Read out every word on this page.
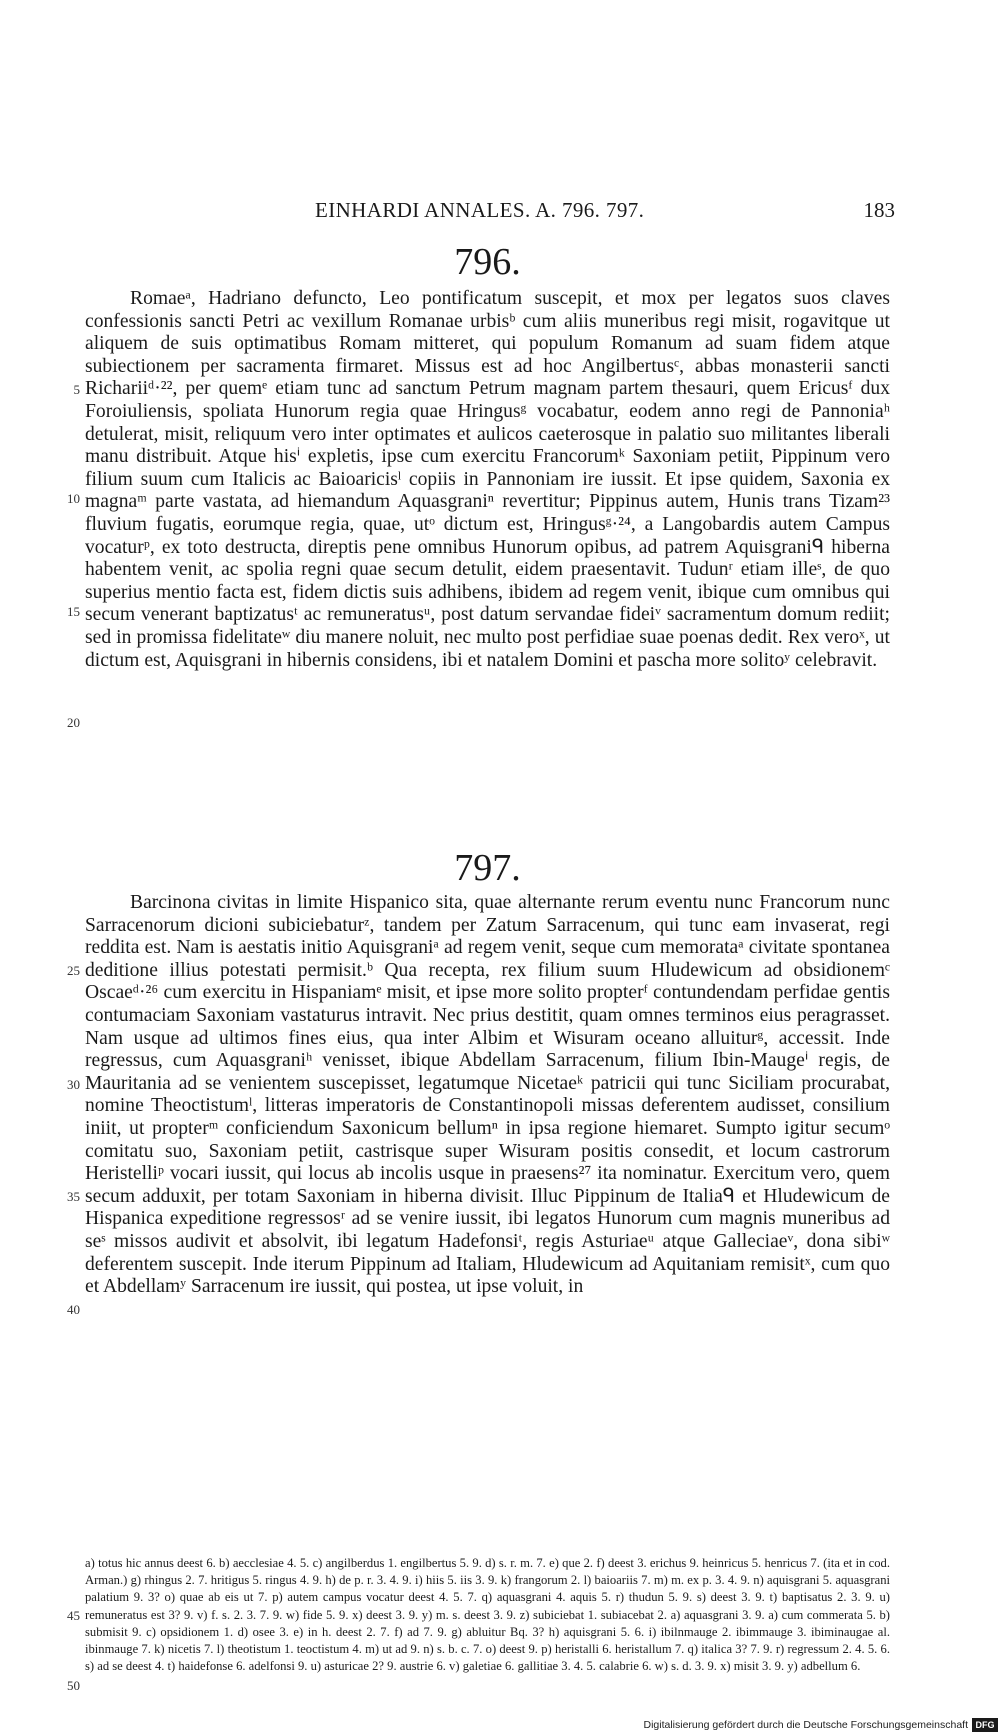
EINHARDI ANNALES. A. 796. 797.	183
796.
Romaeᵃ, Hadriano defuncto, Leo pontificatum suscepit, et mox per legatos suos claves confessionis sancti Petri ac vexillum Romanae urbisᵇ cum aliis muneribus regi misit, rogavitque ut aliquem de suis optimatibus Romam mitteret, qui populum Romanum ad suam fidem atque subiectionem per sacramenta firmaret. Missus est ad hoc Angilbertusᶜ, abbas monasterii sancti Richariiᵈ·²², per quemᵉ etiam tunc ad sanctum Petrum magnam partem thesauri, quem Ericusᶠ dux Foroiuliensis, spoliata Hunorum regia quae Hringusᵍ vocabatur, eodem anno regi de Pannoniaʰ detulerat, misit, reliquum vero inter optimates et aulicos caeterosque in palatio suo militantes liberali manu distribuit. Atque hisⁱ expletis, ipse cum exercitu Francorumᵏ Saxoniam petiit, Pippinum vero filium suum cum Italicis ac Baioaricisˡ copiis in Pannoniam ire iussit. Et ipse quidem, Saxonia ex magnaᵐ parte vastata, ad hiemandum Aquasgraniⁿ revertitur; Pippinus autem, Hunis trans Tizam²³ fluvium fugatis, eorumque regia, quae, utᵒ dictum est, Hringusᵍ·²⁴, a Langobardis autem Campus vocaturᵖ, ex toto destructa, direptis pene omnibus Hunorum opibus, ad patrem Aquisgraniᑫ hiberna habentem venit, ac spolia regni quae secum detulit, eidem praesentavit. Tudunʳ etiam illeˢ, de quo superius mentio facta est, fidem dictis suis adhibens, ibidem ad regem venit, ibique cum omnibus qui secum venerant baptizatusᵗ ac remuneratusᵘ, post datum servandae fideiᵛ sacramentum domum rediit; sed in promissa fidelitateʷ diu manere noluit, nec multo post perfidiae suae poenas dedit. Rex veroˣ, ut dictum est, Aquisgrani in hibernis considens, ibi et natalem Domini et pascha more solitoʸ celebravit.
5
10
15
20
797.
Barcinona civitas in limite Hispanico sita, quae alternante rerum eventu nunc Francorum nunc Sarracenorum dicioni subiciebaturᶻ, tandem per Zatum Sarracenum, qui tunc eam invaserat, regi reddita est. Nam is aestatis initio Aquisgraniᵃ ad regem venit, seque cum memorataᵃ civitate spontanea deditione illius potestati permisit.ᵇ Qua recepta, rex filium suum Hludewicum ad obsidionemᶜ Oscaeᵈ·²⁶ cum exercitu in Hispaniamᵉ misit, et ipse more solito propterᶠ contundendam perfidae gentis contumaciam Saxoniam vastaturus intravit. Nec prius destitit, quam omnes terminos eius peragrasset. Nam usque ad ultimos fines eius, qua inter Albim et Wisuram oceano alluiturᵍ, accessit. Inde regressus, cum Aquasgraniʰ venisset, ibique Abdellam Sarracenum, filium Ibin-Maugeⁱ regis, de Mauritania ad se venientem suscepisset, legatumque Nicetaeᵏ patricii qui tunc Siciliam procurabat, nomine Theoctistumˡ, litteras imperatoris de Constantinopoli missas deferentem audisset, consilium iniit, ut propterᵐ conficiendum Saxonicum bellumⁿ in ipsa regione hiemaret. Sumpto igitur secumᵒ comitatu suo, Saxoniam petiit, castrisque super Wisuram positis consedit, et locum castrorum Heristelliᵖ vocari iussit, qui locus ab incolis usque in praesens²⁷ ita nominatur. Exercitum vero, quem secum adduxit, per totam Saxoniam in hiberna divisit. Illuc Pippinum de Italiaᑫ et Hludewicum de Hispanica expeditione regressosʳ ad se venire iussit, ibi legatos Hunorum cum magnis muneribus ad seˢ missos audivit et absolvit, ibi legatum Hadefonsiᵗ, regis Asturiaeᵘ atque Galleciaeᵛ, dona sibiʷ deferentem suscepit. Inde iterum Pippinum ad Italiam, Hludewicum ad Aquitaniam remisitˣ, cum quo et Abdellamʸ Sarracenum ire iussit, qui postea, ut ipse voluit, in
25
30
35
40
a) totus hic annus deest 6. b) aecclesiae 4. 5. c) angilberdus 1. engilbertus 5. 9. d) s. r. m. 7. e) que 2. f) deest 3. erichus 9. heinricus 5. henricus 7. (ita et in cod. Arman.) g) rhingus 2. 7. hritigus 5. ringus 4. 9. h) de p. r. 3. 4. 9. i) hiis 5. iis 3. 9. k) frangorum 2. l) baioariis 7. m) m. ex p. 3. 4. 9. n) aquisgrani 5. aquasgrani palatium 9. 3? o) quae ab eis ut 7. p) autem campus vocatur deest 4. 5. 7. q) aquasgrani 4. aquis 5. r) thudun 5. 9. s) deest 3. 9. t) baptisatus 2. 3. 9. u) remuneratus est 3? 9. v) f. s. 2. 3. 7. 9. w) fide 5. 9. x) deest 3. 9. y) m. s. deest 3. 9. z) subiciebat 1. subiacebat 2. a) aquasgrani 3. 9. a) cum commerata 5. b) submisit 9. c) opsidionem 1. d) osee 3. e) in h. deest 2. 7. f) ad 7. 9. g) abluitur Bq. 3? h) aquisgrani 5. 6. i) ibilnmauge 2. ibimmauge 3. ibiminaugae al. ibinmauge 7. k) nicetis 7. l) theotistum 1. teoctistum 4. m) ut ad 9. n) s. b. c. 7. o) deest 9. p) heristalli 6. heristallum 7. q) italica 3? 7. 9. r) regressum 2. 4. 5. 6. s) ad se deest 4. t) haidefonse 6. adelfonsi 9. u) asturicae 2? 9. austrie 6. v) galetiae 6. gallitiae 3. 4. 5. calabrie 6. w) s. d. 3. 9. x) misit 3. 9. y) adbellum 6.
45
50
Digitalisierung gefördert durch die Deutsche Forschungsgemeinschaft DFG
